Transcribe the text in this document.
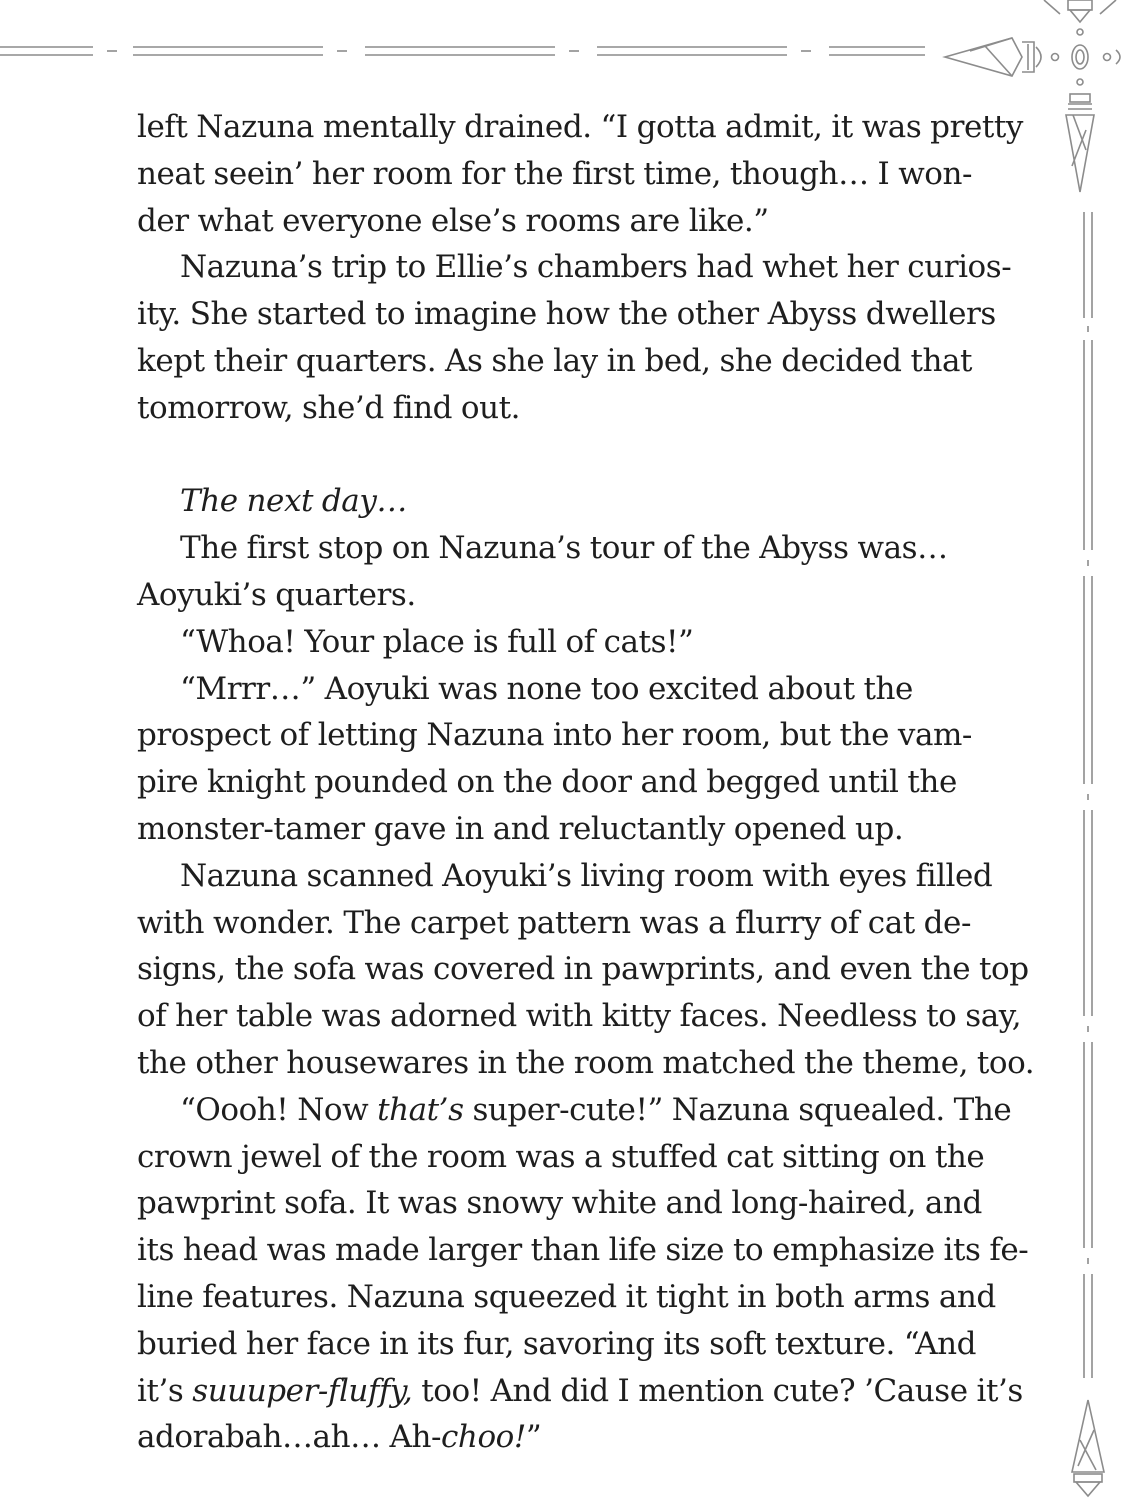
left Nazuna mentally drained. “I gotta admit, it was pretty
neat seein’ her room for the first time, though… I won-
der what everyone else’s rooms are like.”
Nazuna’s trip to Ellie’s chambers had whet her curios-
ity. She started to imagine how the other Abyss dwellers
kept their quarters. As she lay in bed, she decided that
tomorrow, she’d find out.
The next day…
The first stop on Nazuna’s tour of the Abyss was…
Aoyuki’s quarters.
“Whoa! Your place is full of cats!”
“Mrrr…” Aoyuki was none too excited about the
prospect of letting Nazuna into her room, but the vam-
pire knight pounded on the door and begged until the
monster-tamer gave in and reluctantly opened up.
Nazuna scanned Aoyuki’s living room with eyes filled
with wonder. The carpet pattern was a flurry of cat de-
signs, the sofa was covered in pawprints, and even the top
of her table was adorned with kitty faces. Needless to say,
the other housewares in the room matched the theme, too.
“Oooh! Now that’s super-cute!” Nazuna squealed. The
crown jewel of the room was a stuffed cat sitting on the
pawprint sofa. It was snowy white and long-haired, and
its head was made larger than life size to emphasize its fe-
line features. Nazuna squeezed it tight in both arms and
buried her face in its fur, savoring its soft texture. “And
it’s suuuper-fluffy, too! And did I mention cute? ’Cause it’s
adorabah…ah… Ah-choo!”
